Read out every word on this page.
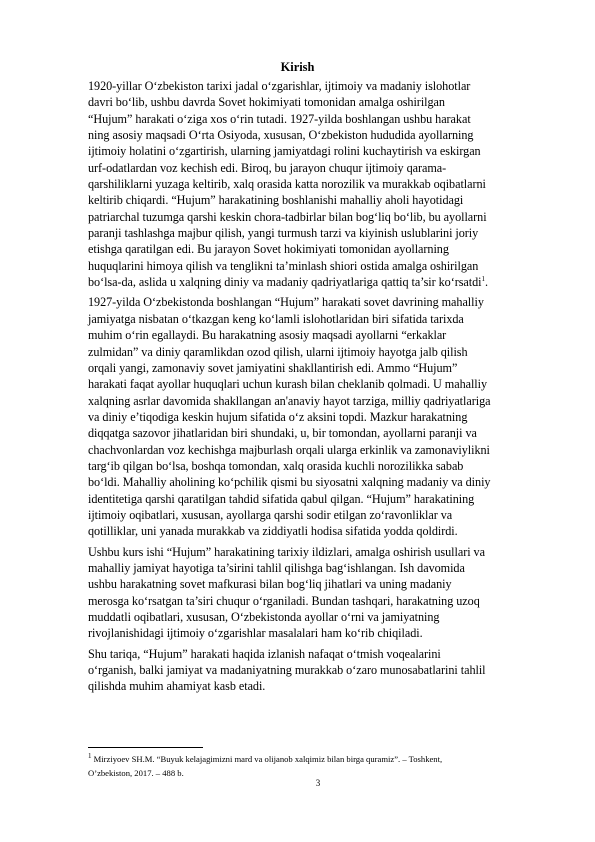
Kirish

1920-yillar O‘zbekiston tarixi jadal o‘zgarishlar, ijtimoiy va madaniy islohotlar
davri bo‘lib, ushbu davrda Sovet hokimiyati tomonidan amalga oshirilgan
“Hujum” harakati o‘ziga xos o‘rin tutadi. 1927-yilda boshlangan ushbu harakat
ning asosiy maqsadi O‘rta Osiyoda, xususan, O‘zbekiston hududida ayollarning
ijtimoiy holatini o‘zgartirish, ularning jamiyatdagi rolini kuchaytirish va eskirgan
urf-odatlardan voz kechish edi. Biroq, bu jarayon chuqur ijtimoiy qarama-
qarshiliklarni yuzaga keltirib, xalq orasida katta norozilik va murakkab oqibatlarni
keltirib chiqardi. “Hujum” harakatining boshlanishi mahalliy aholi hayotidagi
patriarchal tuzumga qarshi keskin chora-tadbirlar bilan bog‘liq bo‘lib, bu ayollarni
paranji tashlashga majbur qilish, yangi turmush tarzi va kiyinish uslublarini joriy
etishga qaratilgan edi. Bu jarayon Sovet hokimiyati tomonidan ayollarning
huquqlarini himoya qilish va tenglikni ta’minlash shiori ostida amalga oshirilgan
bo‘lsa-da, aslida u xalqning diniy va madaniy qadriyatlariga qattiq ta’sir ko‘rsatdi$^1$.

1927-yilda O‘zbekistonda boshlangan “Hujum” harakati sovet davrining mahalliy
jamiyatga nisbatan o‘tkazgan keng ko‘lamli islohotlaridan biri sifatida tarixda
muhim o‘rin egallaydi. Bu harakatning asosiy maqsadi ayollarni “erkaklar
zulmidan” va diniy qaramlikdan ozod qilish, ularni ijtimoiy hayotga jalb qilish
orqali yangi, zamonaviy sovet jamiyatini shakllantirish edi. Ammo “Hujum”
harakati faqat ayollar huquqlari uchun kurash bilan cheklanib qolmadi. U mahalliy
xalqning asrlar davomida shakllangan an'anaviy hayot tarziga, milliy qadriyatlariga
va diniy e’tiqodiga keskin hujum sifatida o‘z aksini topdi. Mazkur harakatning
diqqatga sazovor jihatlaridan biri shundaki, u, bir tomondan, ayollarni paranji va
chachvonlardan voz kechishga majburlash orqali ularga erkinlik va zamonaviylikni
targ‘ib qilgan bo‘lsa, boshqa tomondan, xalq orasida kuchli norozilikka sabab
bo‘ldi. Mahalliy aholining ko‘pchilik qismi bu siyosatni xalqning madaniy va diniy
identitetiga qarshi qaratilgan tahdid sifatida qabul qilgan. “Hujum” harakatining
ijtimoiy oqibatlari, xususan, ayollarga qarshi sodir etilgan zo‘ravonliklar va
qotilliklar, uni yanada murakkab va ziddiyatli hodisa sifatida yodda qoldirdi.

Ushbu kurs ishi “Hujum” harakatining tarixiy ildizlari, amalga oshirish usullari va
mahalliy jamiyat hayotiga ta’sirini tahlil qilishga bag‘ishlangan. Ish davomida
ushbu harakatning sovet mafkurasi bilan bog‘liq jihatlari va uning madaniy
merosga ko‘rsatgan ta’siri chuqur o‘rganiladi. Bundan tashqari, harakatning uzoq
muddatli oqibatlari, xususan, O‘zbekistonda ayollar o‘rni va jamiyatning
rivojlanishidagi ijtimoiy o‘zgarishlar masalalari ham ko‘rib chiqiladi.

Shu tariqa, “Hujum” harakati haqida izlanish nafaqat o‘tmish voqealarini
o‘rganish, balki jamiyat va madaniyatning murakkab o‘zaro munosabatlarini tahlil
qilishda muhim ahamiyat kasb etadi.

$^1$ Mirziyoev SH.M. “Buyuk kelajagimizni mard va olijanob xalqimiz bilan birga quramiz”. – Toshkent,
O’zbekiston, 2017. – 488 b.
3
